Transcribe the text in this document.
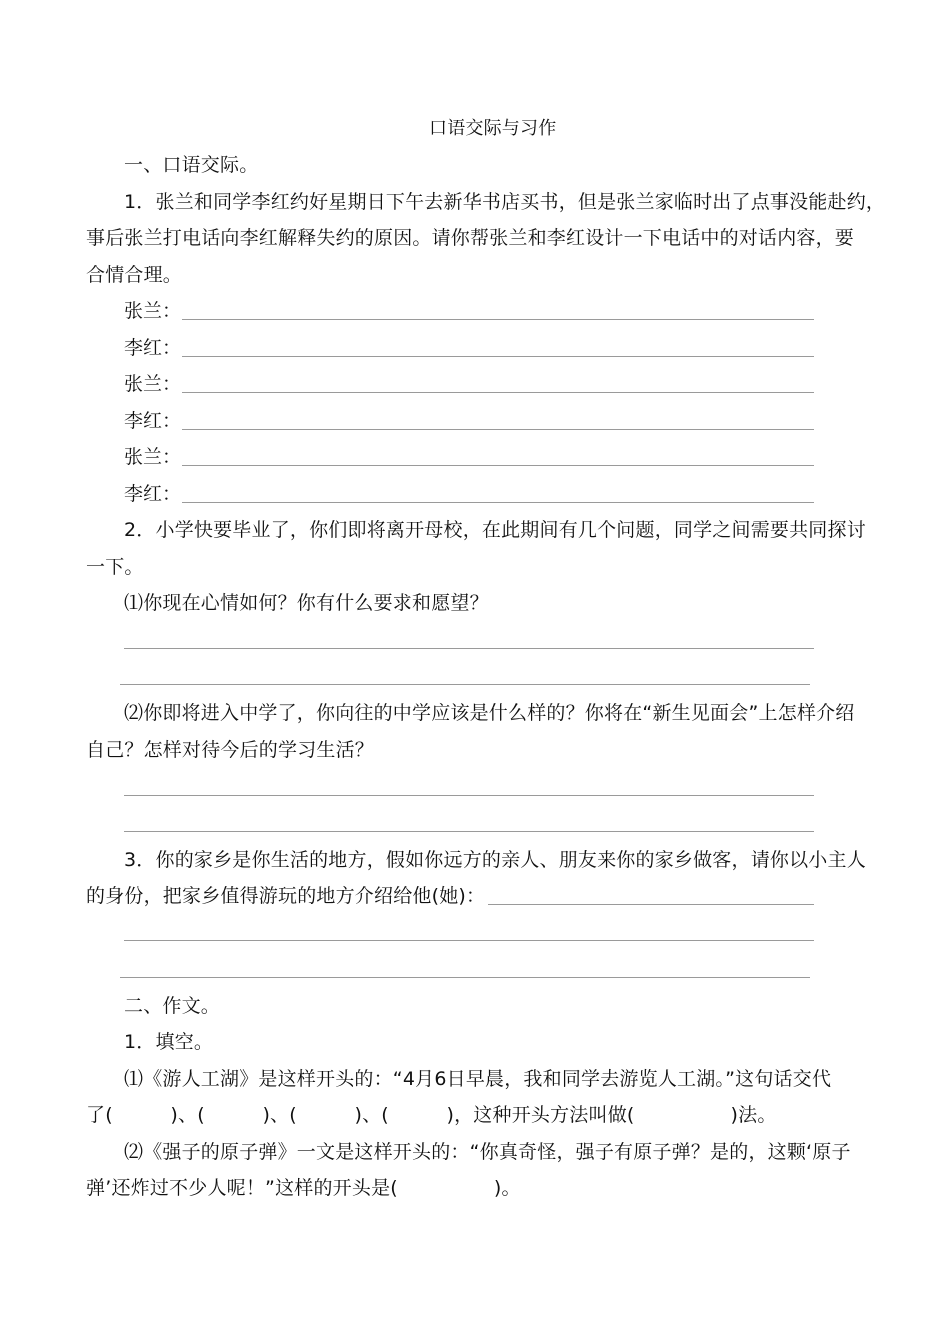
口语交际与习作
一、口语交际。
1．张兰和同学李红约好星期日下午去新华书店买书，但是张兰家临时出了点事没能赴约，
事后张兰打电话向李红解释失约的原因。请你帮张兰和李红设计一下电话中的对话内容，要
合情合理。
张兰：
李红：
张兰：
李红：
张兰：
李红：
2．小学快要毕业了，你们即将离开母校，在此期间有几个问题，同学之间需要共同探讨
一下。
⑴你现在心情如何？你有什么要求和愿望？
⑵你即将进入中学了，你向往的中学应该是什么样的？你将在“新生见面会”上怎样介绍
自己？怎样对待今后的学习生活？
3．你的家乡是你生活的地方，假如你远方的亲人、朋友来你的家乡做客，请你以小主人
的身份，把家乡值得游玩的地方介绍给他(她)：
二、作文。
1．填空。
⑴《游人工湖》是这样开头的：“4月6日早晨，我和同学去游览人工湖。”这句话交代
了(　　　)、(　　　)、(　　　)、(　　　)，这种开头方法叫做(　　　　　)法。
⑵《强子的原子弹》一文是这样开头的：“你真奇怪，强子有原子弹？是的，这颗‘原子
弹’还炸过不少人呢！”这样的开头是(　　　　　)。
